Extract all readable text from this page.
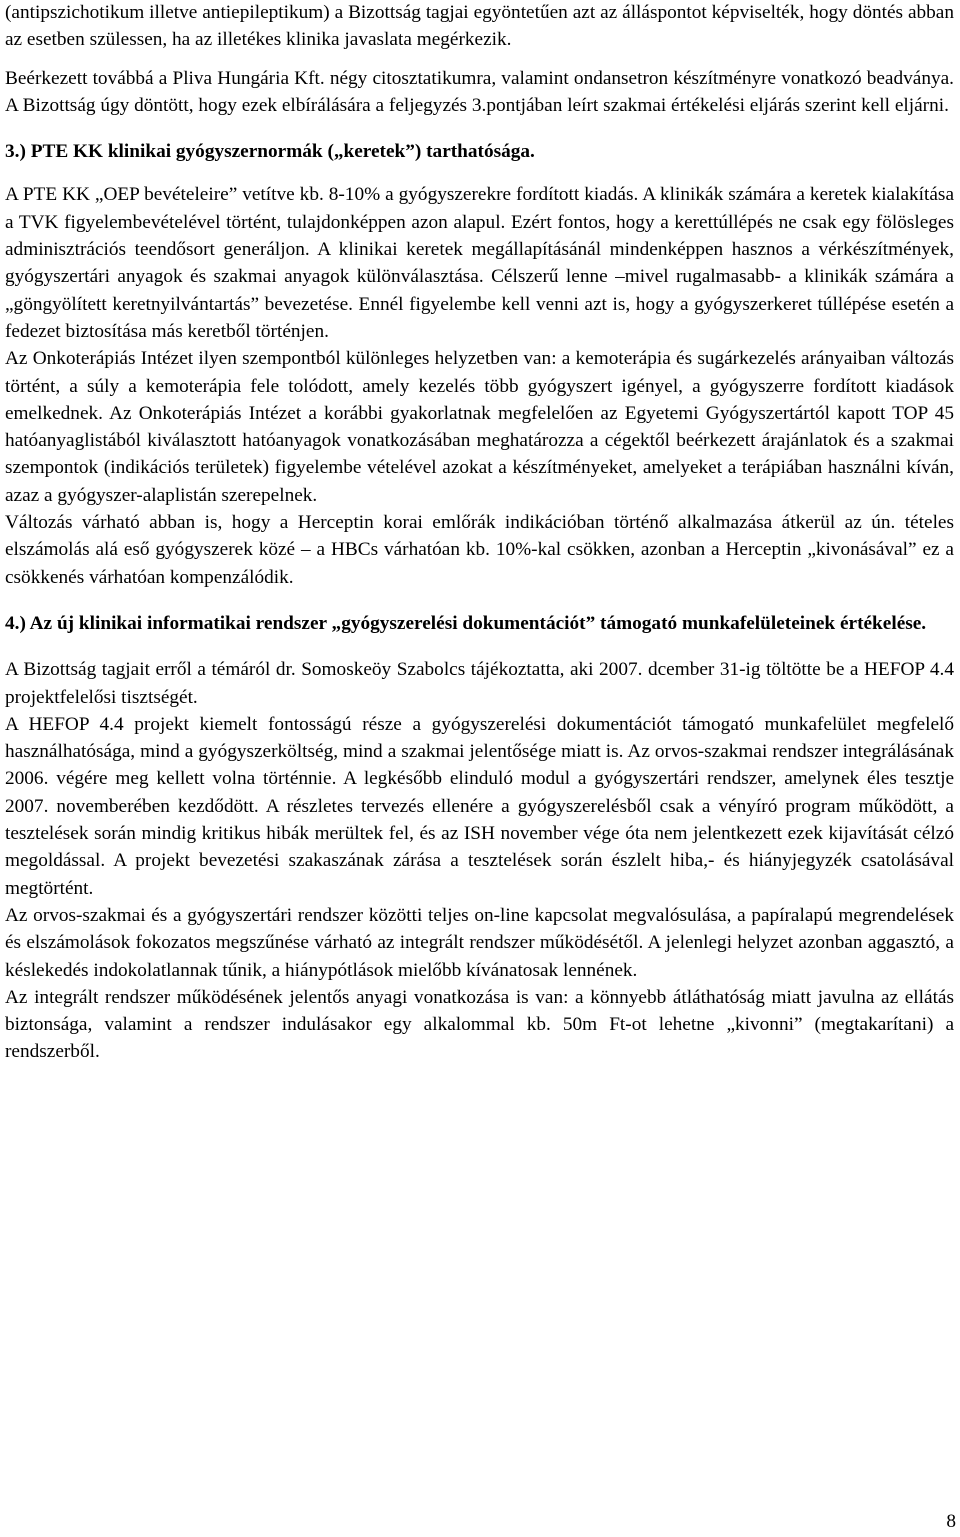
(antipszichotikum illetve antiepileptikum) a Bizottság tagjai egyöntetűen azt az álláspontot képviselték, hogy döntés abban az esetben szülessen, ha az illetékes klinika javaslata megérkezik.

Beérkezett továbbá a Pliva Hungária Kft. négy citosztatikumra, valamint ondansetron készítményre vonatkozó beadványa. A Bizottság úgy döntött, hogy ezek elbírálására a feljegyzés 3.pontjában leírt szakmai értékelési eljárás szerint kell eljárni.

3.) PTE KK klinikai gyógyszernormák („keretek”) tarthatósága.

A PTE KK „OEP bevételeire” vetítve kb. 8-10% a gyógyszerekre fordított kiadás. A klinikák számára a keretek kialakítása a TVK figyelembevételével történt, tulajdonképpen azon alapul. Ezért fontos, hogy a kerettúllépés ne csak egy fölösleges adminisztrációs teendősort generáljon. A klinikai keretek megállapításánál mindenképpen hasznos a vérkészítmények, gyógyszertári anyagok és szakmai anyagok különválasztása. Célszerű lenne –mivel rugalmasabb- a klinikák számára a „göngyölített keretnyilvántartás” bevezetése. Ennél figyelembe kell venni azt is, hogy a gyógyszerkeret túllépése esetén a fedezet biztosítása más keretből történjen.

Az Onkoterápiás Intézet ilyen szempontból különleges helyzetben van: a kemoterápia és sugárkezelés arányaiban változás történt, a súly a kemoterápia fele tolódott, amely kezelés több gyógyszert igényel, a gyógyszerre fordított kiadások emelkednek. Az Onkoterápiás Intézet a korábbi gyakorlatnak megfelelően az Egyetemi Gyógyszertártól kapott TOP 45 hatóanyaglistából kiválasztott hatóanyagok vonatkozásában meghatározza a cégektől beérkezett árajánlatok és a szakmai szempontok (indikációs területek) figyelembe vételével azokat a készítményeket, amelyeket a terápiában használni kíván, azaz a gyógyszer-alaplistán szerepelnek.

Változás várható abban is, hogy a Herceptin korai emlőrák indikációban történő alkalmazása átkerül az ún. tételes elszámolás alá eső gyógyszerek közé – a HBCs várhatóan kb. 10%-kal csökken, azonban a Herceptin „kivonásával” ez a csökkenés várhatóan kompenzálódik.

4.) Az új klinikai informatikai rendszer „gyógyszerelési dokumentációt” támogató munkafelületeinek értékelése.

A Bizottság tagjait erről a témáról dr. Somoskeöy Szabolcs tájékoztatta, aki 2007. dcember 31-ig töltötte be a HEFOP 4.4 projektfelelősi tisztségét.

A HEFOP 4.4 projekt kiemelt fontosságú része a gyógyszerelési dokumentációt támogató munkafelület megfelelő használhatósága, mind a gyógyszerköltség, mind a szakmai jelentősége miatt is. Az orvos-szakmai rendszer integrálásának 2006. végére meg kellett volna történnie. A legkésőbb elinduló modul a gyógyszertári rendszer, amelynek éles tesztje 2007. novemberében kezdődött. A részletes tervezés ellenére a gyógyszerelésből csak a vényíró program működött, a tesztelések során mindig kritikus hibák merültek fel, és az ISH november vége óta nem jelentkezett ezek kijavítását célzó megoldással. A projekt bevezetési szakaszának zárása a tesztelések során észlelt hiba,- és hiányjegyzék csatolásával megtörtént.

Az orvos-szakmai és a gyógyszertári rendszer közötti teljes on-line kapcsolat megvalósulása, a papíralapú megrendelések és elszámolások fokozatos megszűnése várható az integrált rendszer működésétől. A jelenlegi helyzet azonban aggasztó, a késlekedés indokolatlannak tűnik, a hiánypótlások mielőbb kívánatosak lennének.

Az integrált rendszer működésének jelentős anyagi vonatkozása is van: a könnyebb átláthatóság miatt javulna az ellátás biztonsága, valamint a rendszer indulásakor egy alkalommal kb. 50m Ft-ot lehetne „kivonni” (megtakarítani) a rendszerből.

8
